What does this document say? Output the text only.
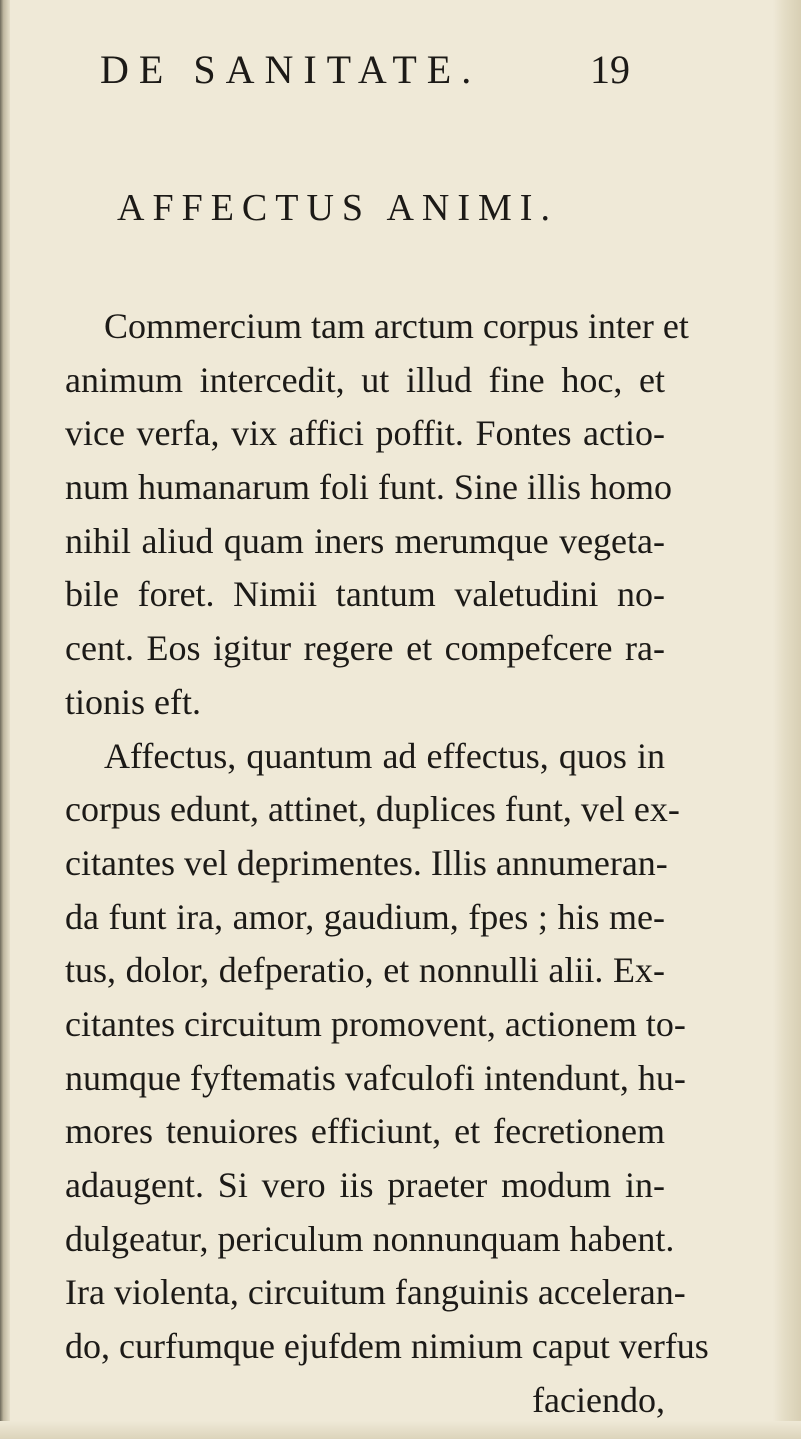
DE SANITATE.	19
AFFECTUS ANIMI.
Commercium tam arctum corpus inter et
animum intercedit, ut illud fine hoc, et
vice verfa, vix affici poffit. Fontes actio-
num humanarum foli funt. Sine illis homo
nihil aliud quam iners merumque vegeta-
bile foret. Nimii tantum valetudini no-
cent. Eos igitur regere et compefcere ra-
tionis eft.
Affectus, quantum ad effectus, quos in
corpus edunt, attinet, duplices funt, vel ex-
citantes vel deprimentes. Illis annumeran-
da funt ira, amor, gaudium, fpes ; his me-
tus, dolor, defperatio, et nonnulli alii. Ex-
citantes circuitum promovent, actionem to-
numque fyftematis vafculofi intendunt, hu-
mores tenuiores efficiunt, et fecretionem
adaugent. Si vero iis praeter modum in-
dulgeatur, periculum nonnunquam habent.
Ira violenta, circuitum fanguinis acceleran-
do, curfumque ejufdem nimium caput verfus
faciendo,
